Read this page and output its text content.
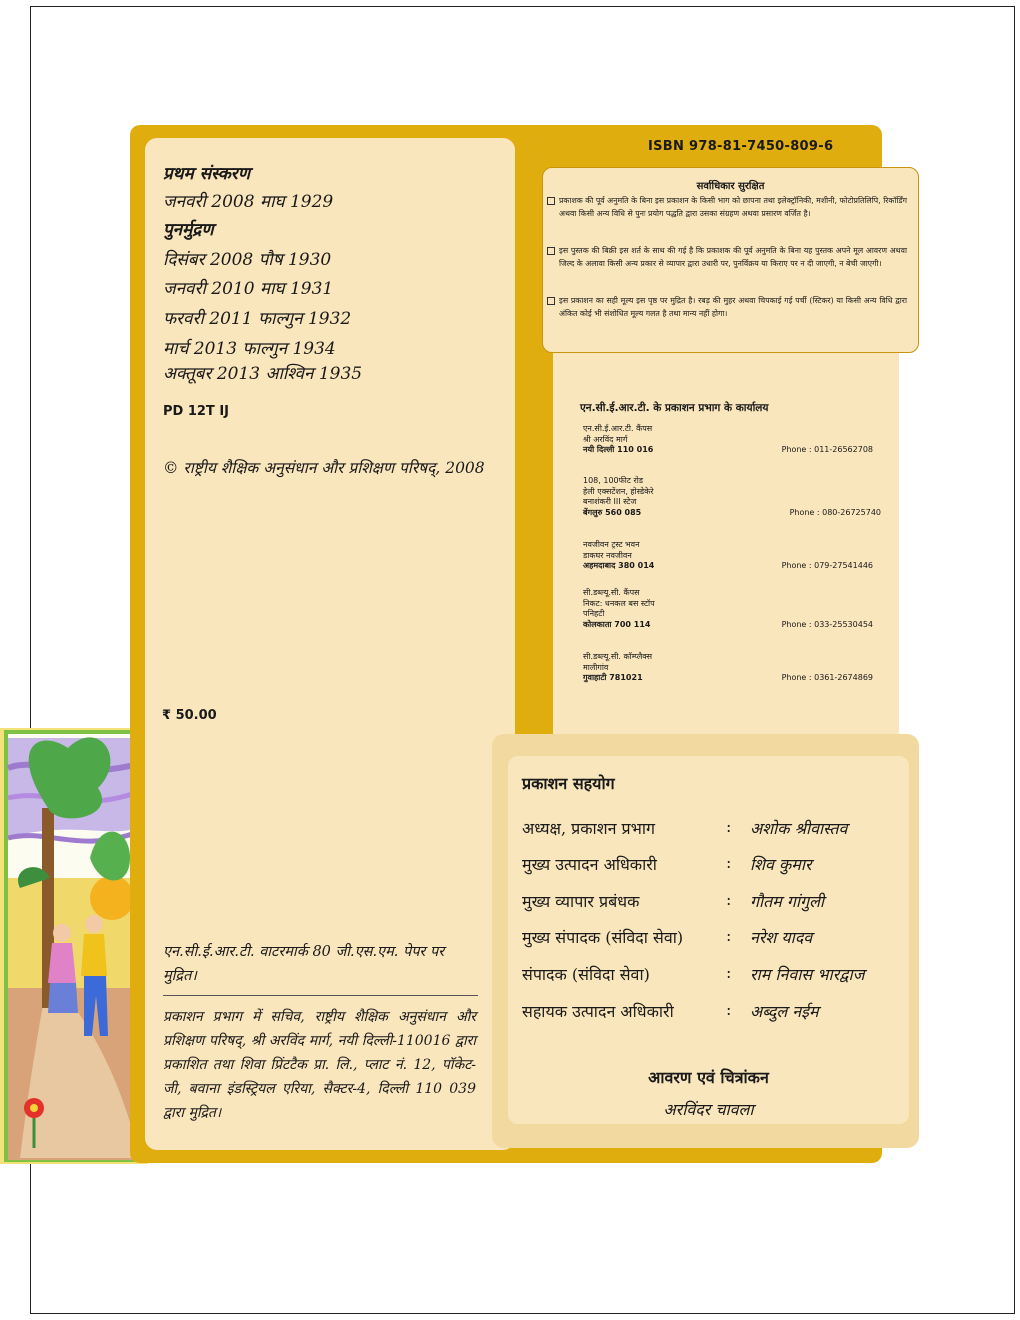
ISBN 978-81-7450-809-6
प्रथम संस्करण
जनवरी 2008 माघ 1929
पुनर्मुद्रण
दिसंबर 2008 पौष 1930
जनवरी 2010 माघ 1931
फरवरी 2011 फाल्गुन 1932
मार्च 2013 फाल्गुन 1934
अक्तूबर 2013 आश्विन 1935
PD 12T IJ
© राष्ट्रीय शैक्षिक अनुसंधान और प्रशिक्षण परिषद्, 2008
₹ 50.00
एन.सी.ई.आर.टी. वाटरमार्क 80 जी.एस.एम. पेपर पर मुद्रित।
प्रकाशन प्रभाग में सचिव, राष्ट्रीय शैक्षिक अनुसंधान और प्रशिक्षण परिषद्, श्री अरविंद मार्ग, नयी दिल्ली-110016 द्वारा प्रकाशित तथा शिवा प्रिंटटैक प्रा. लि., प्लाट नं. 12, पॉकेट-जी, बवाना इंडस्ट्रियल एरिया, सैक्टर-4, दिल्ली 110 039 द्वारा मुद्रित।
सर्वाधिकार सुरक्षित
प्रकाशक की पूर्व अनुमति के बिना इस प्रकाशन के किसी भाग को छापना तथा इलेक्ट्रॉनिकी, मशीनी, फोटोप्रतिलिपि, रिकॉर्डिंग अथवा किसी अन्य विधि से पुनः प्रयोग पद्धति द्वारा उसका संग्रहण अथवा प्रसारण वर्जित है।
इस पुस्तक की बिक्री इस शर्त के साथ की गई है कि प्रकाशक की पूर्व अनुमति के बिना यह पुस्तक अपने मूल आवरण अथवा जिल्द के अलावा किसी अन्य प्रकार से व्यापार द्वारा उधारी पर, पुनर्विक्रय या किराए पर न दी जाएगी, न बेची जाएगी।
इस प्रकाशन का सही मूल्य इस पृष्ठ पर मुद्रित है। रबड़ की मुहर अथवा चिपकाई गई पर्ची (स्टिकर) या किसी अन्य विधि द्वारा अंकित कोई भी संशोधित मूल्य गलत है तथा मान्य नहीं होगा।
एन.सी.ई.आर.टी. के प्रकाशन प्रभाग के कार्यालय
एन.सी.ई.आर.टी. कैंपस
श्री अरविंद मार्ग
नयी दिल्ली 110 016	Phone : 011-26562708
108, 100फीट रोड
हेली एक्सटेंशन, होस्डेकेरे
बनाशंकरी III स्टेज
बेंगलुरु 560 085	Phone : 080-26725740
नवजीवन ट्रस्ट भवन
डाकघर नवजीवन
अहमदाबाद 380 014	Phone : 079-27541446
सी.डब्ल्यू.सी. कैंपस
निकट: धनकल बस स्टॉप
पनिहटी
कोलकाता 700 114	Phone : 033-25530454
सी.डब्ल्यू.सी. कॉम्प्लैक्स
मालीगांव
गुवाहाटी 781021	Phone : 0361-2674869
प्रकाशन सहयोग
अध्यक्ष, प्रकाशन प्रभाग	: अशोक श्रीवास्तव
मुख्य उत्पादन अधिकारी	: शिव कुमार
मुख्य व्यापार प्रबंधक	: गौतम गांगुली
मुख्य संपादक (संविदा सेवा)	: नरेश यादव
संपादक (संविदा सेवा)	: राम निवास भारद्वाज
सहायक उत्पादन अधिकारी	: अब्दुल नईम
आवरण एवं चित्रांकन
अरविंदर चावला
